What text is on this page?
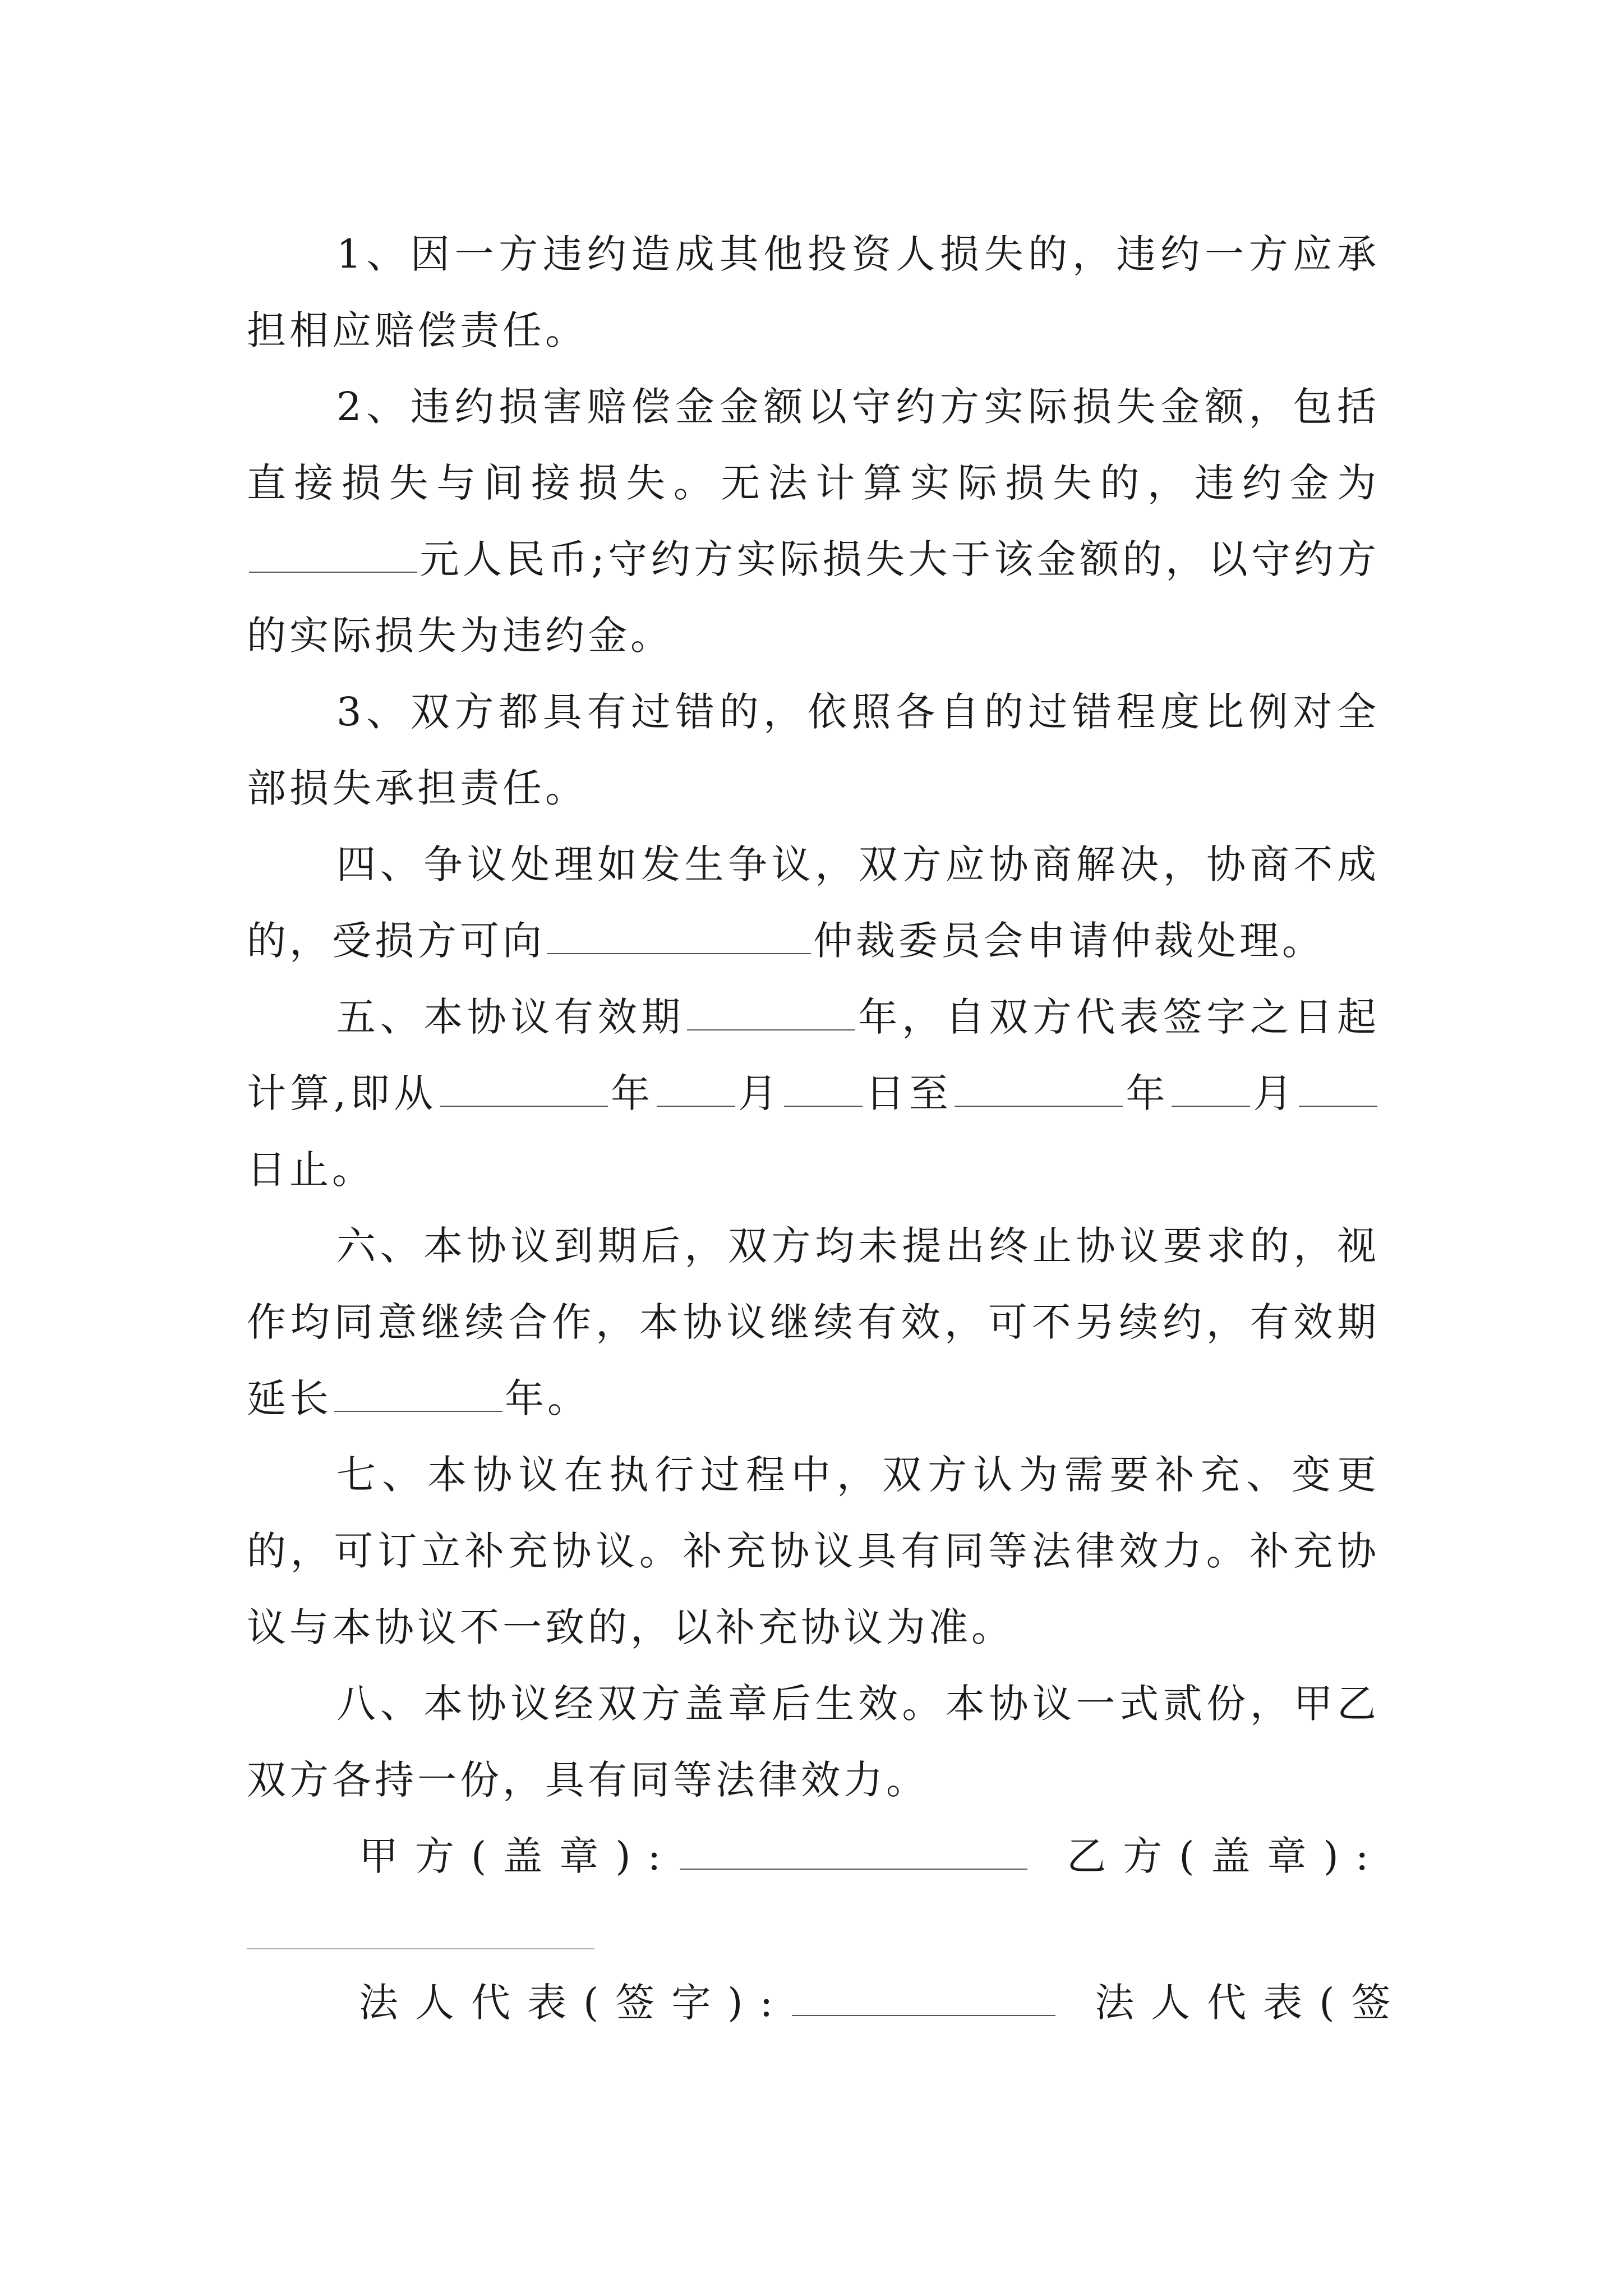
1、因一方违约造成其他投资人损失的，违约一方应承担相应赔偿责任。

2、违约损害赔偿金金额以守约方实际损失金额，包括直接损失与间接损失。无法计算实际损失的，违约金为元人民币;守约方实际损失大于该金额的，以守约方的实际损失为违约金。

3、双方都具有过错的，依照各自的过错程度比例对全部损失承担责任。

四、争议处理如发生争议，双方应协商解决，协商不成的，受损方可向	仲裁委员会申请仲裁处理。

五、本协议有效期	年，自双方代表签字之日起计算,即从	年 月 日至	年 月日止。

六、本协议到期后，双方均未提出终止协议要求的，视作均同意继续合作，本协议继续有效，可不另续约，有效期延长	年。

七、本协议在执行过程中，双方认为需要补充、变更的，可订立补充协议。补充协议具有同等法律效力。补充协议与本协议不一致的，以补充协议为准。

八、本协议经双方盖章后生效。本协议一式贰份，甲乙双方各持一份，具有同等法律效力。

甲方(盖章):	乙方(盖章):

法人代表(签字):	法人代表(签
